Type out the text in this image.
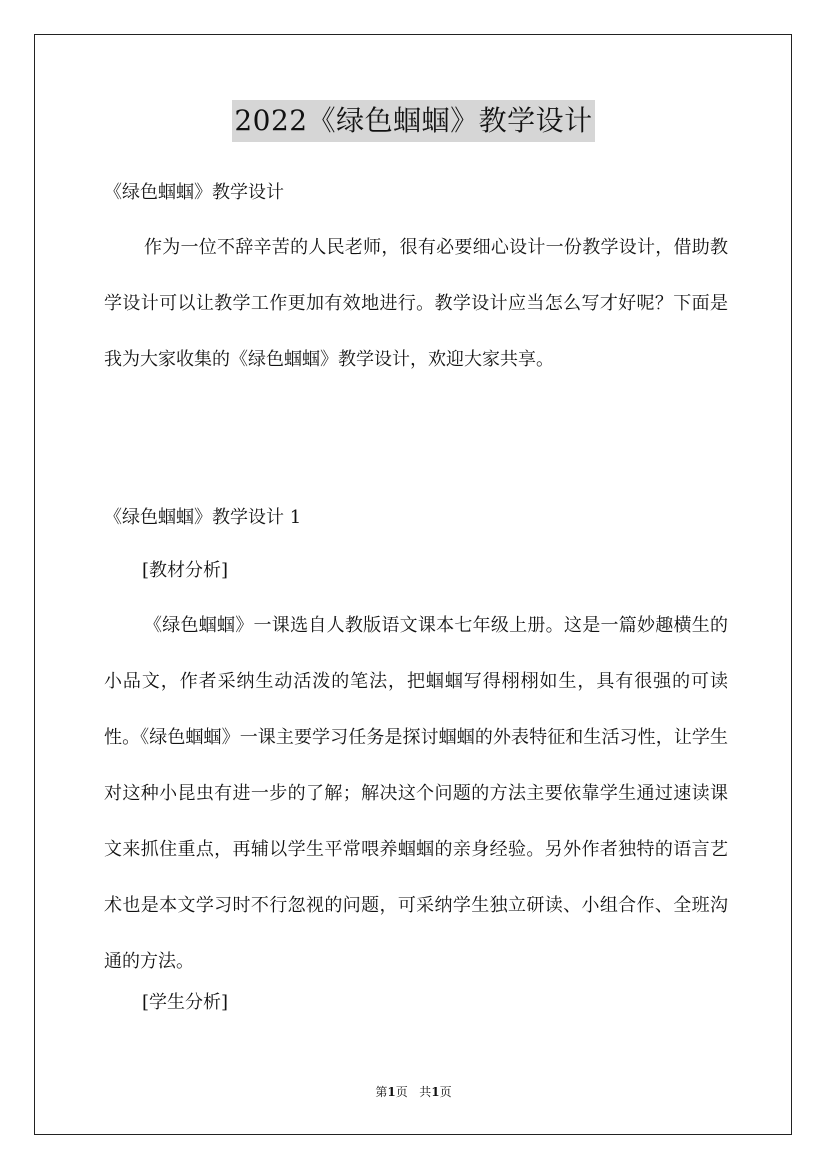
2022《绿色蝈蝈》教学设计
《绿色蝈蝈》教学设计

作为一位不辞辛苦的人民老师，很有必要细心设计一份教学设计，借助教学设计可以让教学工作更加有效地进行。教学设计应当怎么写才好呢？下面是我为大家收集的《绿色蝈蝈》教学设计，欢迎大家共享。

《绿色蝈蝈》教学设计 1
[教材分析]

《绿色蝈蝈》一课选自人教版语文课本七年级上册。这是一篇妙趣横生的小品文，作者采纳生动活泼的笔法，把蝈蝈写得栩栩如生，具有很强的可读性。《绿色蝈蝈》一课主要学习任务是探讨蝈蝈的外表特征和生活习性，让学生对这种小昆虫有进一步的了解；解决这个问题的方法主要依靠学生通过速读课文来抓住重点，再辅以学生平常喂养蝈蝈的亲身经验。另外作者独特的语言艺术也是本文学习时不行忽视的问题，可采纳学生独立研读、小组合作、全班沟通的方法。

[学生分析]
第1页 共1页
